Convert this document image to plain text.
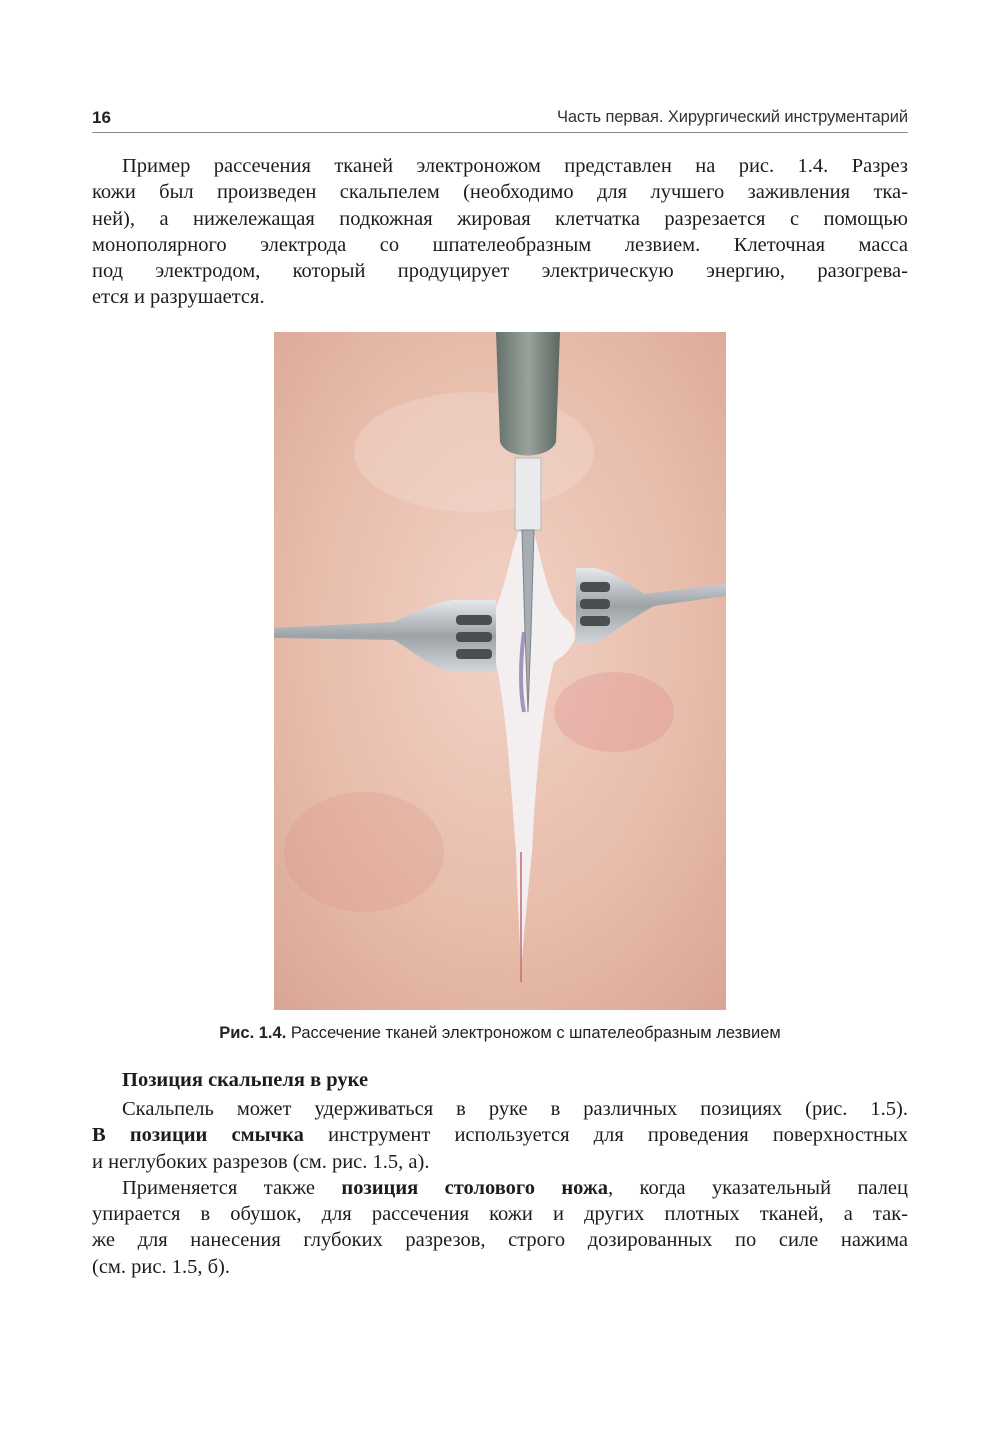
16	Часть первая. Хирургический инструментарий
Пример рассечения тканей электроножом представлен на рис. 1.4. Разрез
кожи был произведен скальпелем (необходимо для лучшего заживления тка-
ней), а нижележащая подкожная жировая клетчатка разрезается с помощью
монополярного электрода со шпателеобразным лезвием. Клеточная масса
под электродом, который продуцирует электрическую энергию, разогрева-
ется и разрушается.
Рис. 1.4. Рассечение тканей электроножом с шпателеобразным лезвием
Позиция скальпеля в руке
Скальпель может удерживаться в руке в различных позициях (рис. 1.5).
В позиции смычка инструмент используется для проведения поверхностных
и неглубоких разрезов (см. рис. 1.5, а).
Применяется также позиция столового ножа, когда указательный палец
упирается в обушок, для рассечения кожи и других плотных тканей, а так-
же для нанесения глубоких разрезов, строго дозированных по силе нажима
(см. рис. 1.5, б).
